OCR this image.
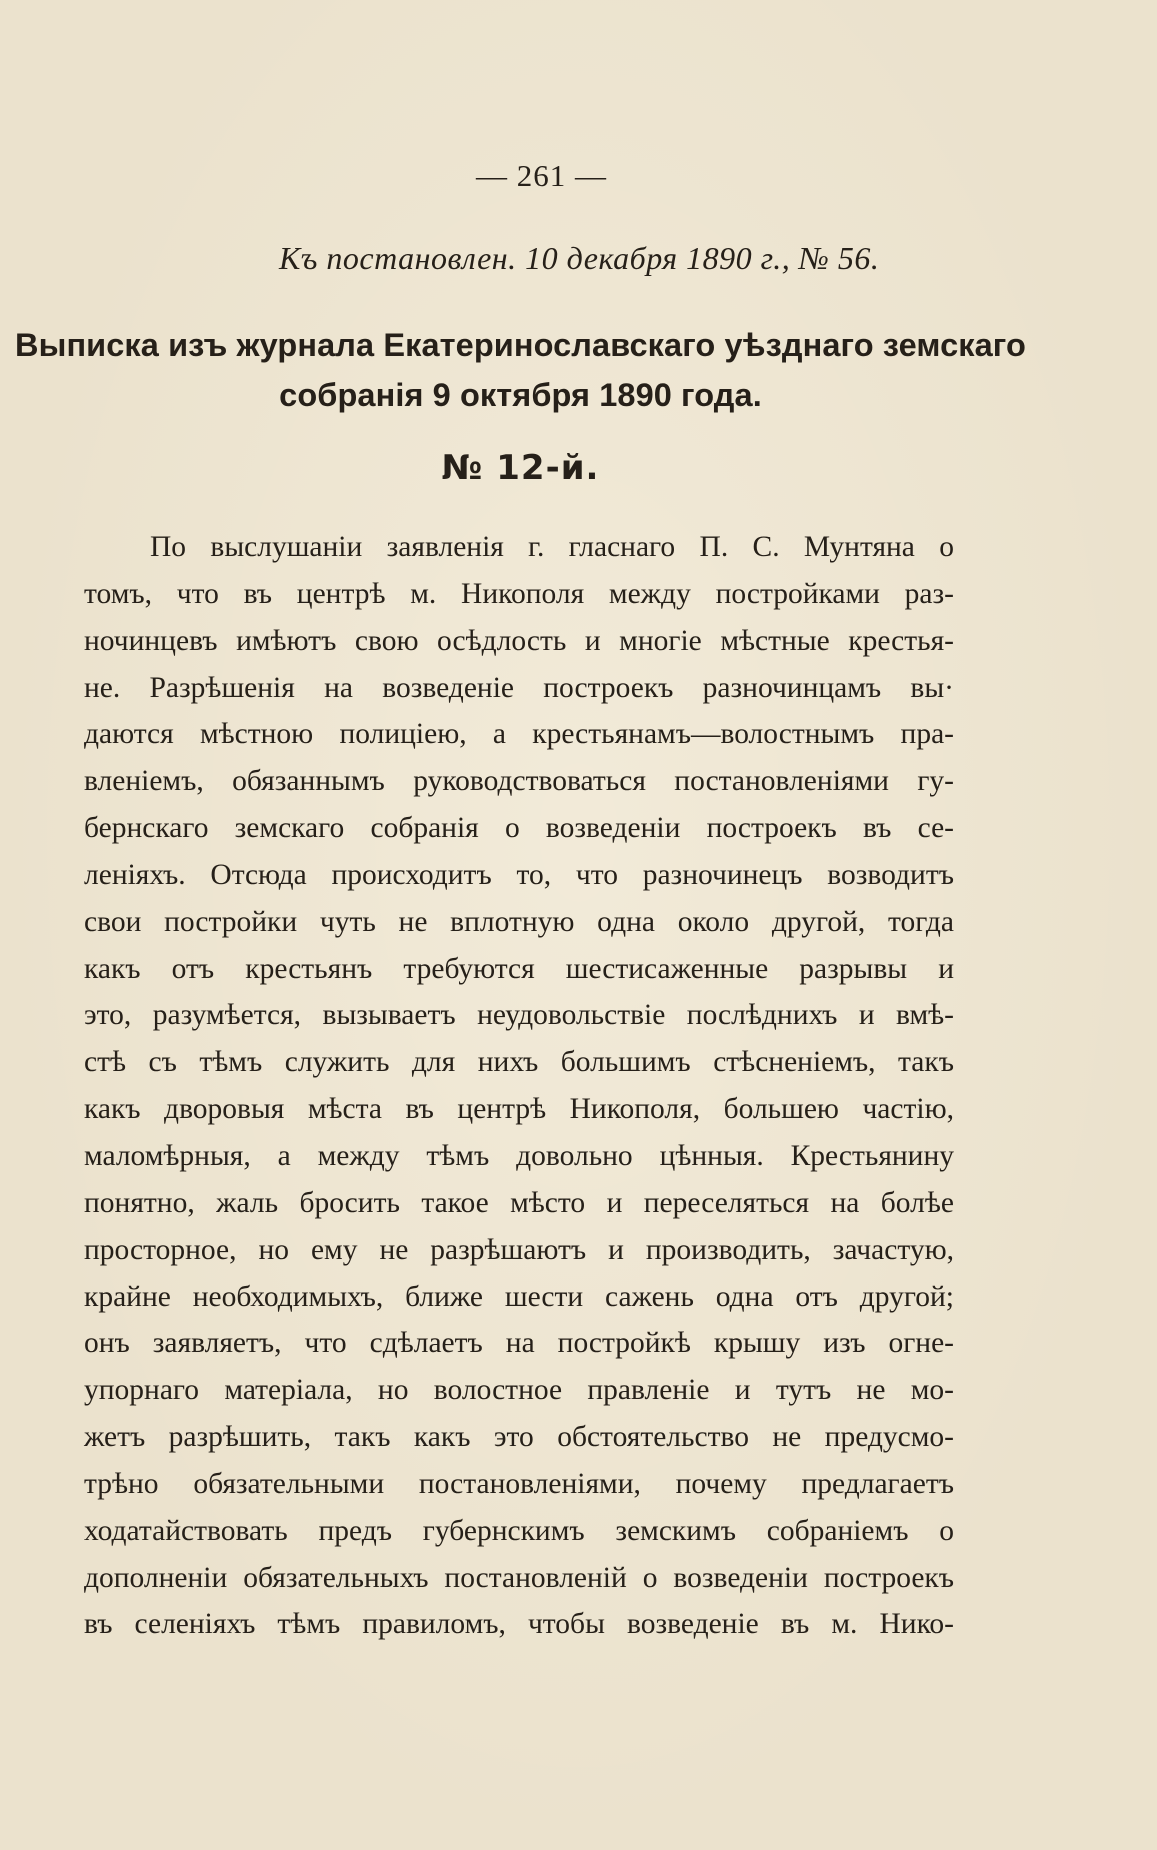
— 261 —
Къ постановлен. 10 декабря 1890 г., № 56.
Выписка изъ журнала Екатеринославскаго уѣзднаго земскаго
собранія 9 октября 1890 года.
№ 12-й.
По выслушаніи заявленія г. гласнаго П. С. Мунтяна о
томъ, что въ центрѣ м. Никополя между постройками раз-
ночинцевъ имѣютъ свою осѣдлость и многіе мѣстные крестья-
не. Разрѣшенія на возведеніе построекъ разночинцамъ вы·
даются мѣстною полиціею, а крестьянамъ—волостнымъ пра-
вленіемъ, обязаннымъ руководствоваться постановленіями гу-
бернскаго земскаго собранія о возведеніи построекъ въ се-
леніяхъ. Отсюда происходитъ то, что разночинецъ возводитъ
свои постройки чуть не вплотную одна около другой, тогда
какъ отъ крестьянъ требуются шестисаженные разрывы и
это, разумѣется, вызываетъ неудовольствіе послѣднихъ и вмѣ-
стѣ съ тѣмъ служить для нихъ большимъ стѣсненіемъ, такъ
какъ дворовыя мѣста въ центрѣ Никополя, большею частію,
маломѣрныя, а между тѣмъ довольно цѣнныя. Крестьянину
понятно, жаль бросить такое мѣсто и переселяться на болѣе
просторное, но ему не разрѣшаютъ и производить, зачастую,
крайне необходимыхъ, ближе шести сажень одна отъ другой;
онъ заявляетъ, что сдѣлаетъ на постройкѣ крышу изъ огне-
упорнаго матеріала, но волостное правленіе и тутъ не мо-
жетъ разрѣшить, такъ какъ это обстоятельство не предусмо-
трѣно обязательными постановленіями, почему предлагаетъ
ходатайствовать предъ губернскимъ земскимъ собраніемъ о
дополненіи обязательныхъ постановленій о возведеніи построекъ
въ селеніяхъ тѣмъ правиломъ, чтобы возведеніе въ м. Нико-
